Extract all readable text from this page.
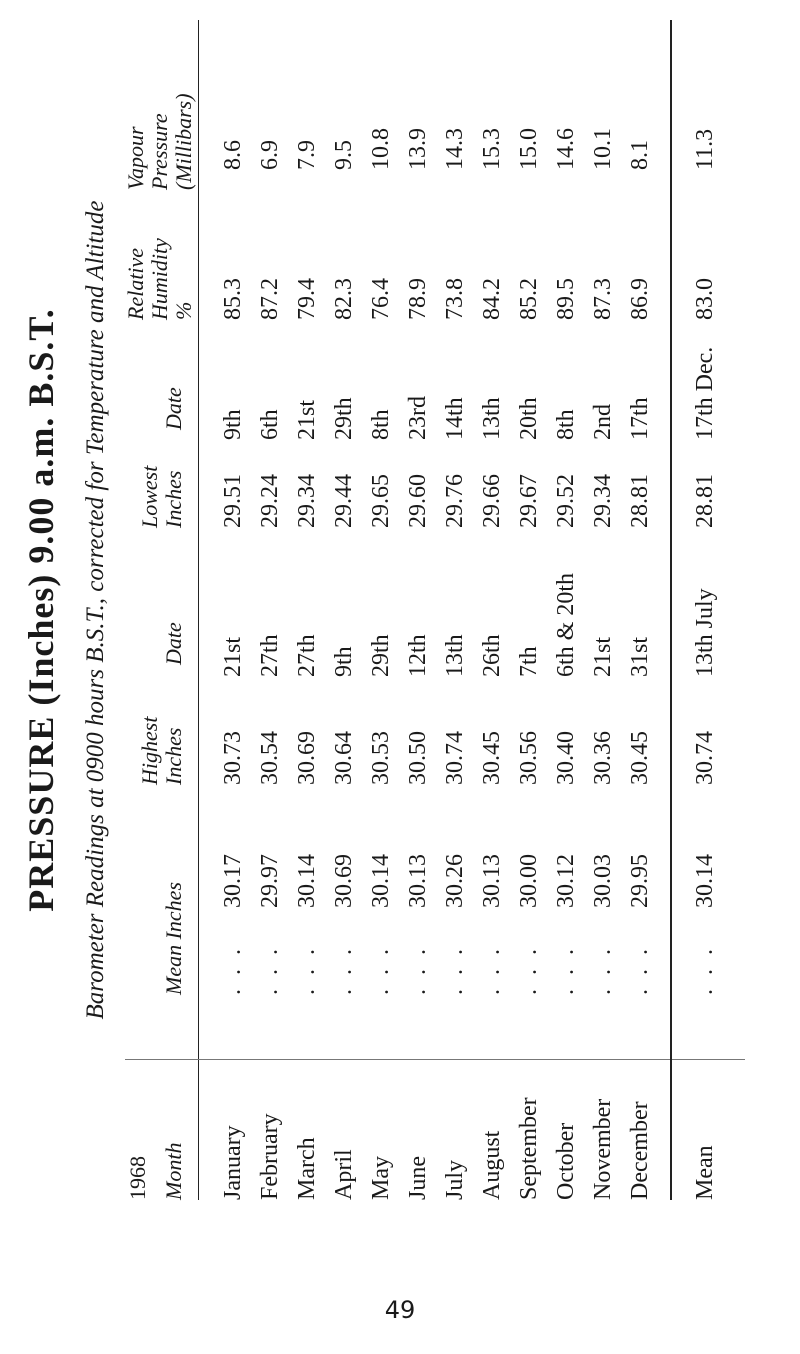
PRESSURE (Inches) 9.00 a.m. B.S.T. Barometer Readings at 0900 hours B.S.T., corrected for Temperature and Altitude
1968 Month
Mean Inches
Highest Inches
Date
Lowest Inches
Date
Relative Humidity %
Vapour Pressure (Millibars)
January
. . .
30.17
30.73
21st
29.51
9th
85.3
8.6
February
. . .
29.97
30.54
27th
29.24
6th
87.2
6.9
March
. . .
30.14
30.69
27th
29.34
21st
79.4
7.9
April
. . .
30.69
30.64
9th
29.44
29th
82.3
9.5
May
. . .
30.14
30.53
29th
29.65
8th
76.4
10.8
June
. . .
30.13
30.50
12th
29.60
23rd
78.9
13.9
July
. . .
30.26
30.74
13th
29.76
14th
73.8
14.3
August
. . .
30.13
30.45
26th
29.66
13th
84.2
15.3
September
. . .
30.00
30.56
7th
29.67
20th
85.2
15.0
October
. . .
30.12
30.40
6th & 20th
29.52
8th
89.5
14.6
November
. . .
30.03
30.36
21st
29.34
2nd
87.3
10.1
December
. . .
29.95
30.45
31st
28.81
17th
86.9
8.1
Mean
. . .
30.14
30.74
13th July
28.81
17th Dec.
83.0
11.3
49
